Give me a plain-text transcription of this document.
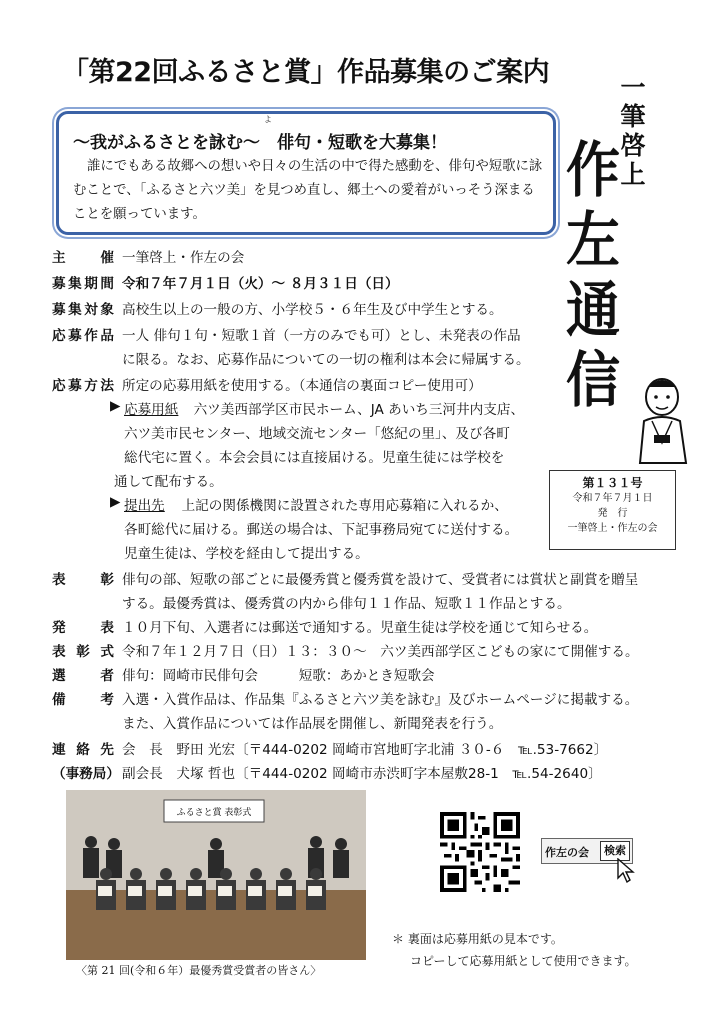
「第22回ふるさと賞」作品募集のご案内
よ
～我がふるさとを詠む～　俳句・短歌を大募集！
誰にでもある故郷への想いや日々の生活の中で得た感動を、俳句や短歌に詠むことで、「ふるさと六ツ美」を見つめ直し、郷土への愛着がいっそう深まることを願っています。
一
筆
啓
上
作
左
通
信
第１３１号
令和７年７月１日
発　行
一筆啓上・作左の会
主催 一筆啓上・作左の会
募集期間 令和７年７月１日（火）～ ８月３１日（日）
募集対象 高校生以上の一般の方、小学校５・６年生及び中学生とする。
応募作品 一人 俳句１句・短歌１首（一方のみでも可）とし、未発表の作品
に限る。なお、応募作品についての一切の権利は本会に帰属する。
応募方法 所定の応募用紙を使用する。（本通信の裏面コピー使用可）
▶ 応募用紙 　六ツ美西部学区市民ホーム、JA あいち三河井内支店、
六ツ美市民センター、地域交流センター「悠紀の里」、及び各町
総代宅に置く。本会会員には直接届ける。児童生徒には学校を
通して配布する。
▶ 提出先 　上記の関係機関に設置された専用応募箱に入れるか、
各町総代に届ける。郵送の場合は、下記事務局宛てに送付する。
児童生徒は、学校を経由して提出する。
表彰 俳句の部、短歌の部ごとに最優秀賞と優秀賞を設けて、受賞者には賞状と副賞を贈呈
する。最優秀賞は、優秀賞の内から俳句１１作品、短歌１１作品とする。
発表 １０月下旬、入選者には郵送で通知する。児童生徒は学校を通じて知らせる。
表彰式 令和７年１２月７日（日）１３：３０～　六ツ美西部学区こどもの家にて開催する。
選者 俳句：岡崎市民俳句会　　　短歌：あかとき短歌会
備考 入選・入賞作品は、作品集『ふるさと六ツ美を詠む』及びホームページに掲載する。
また、入賞作品については作品展を開催し、新聞発表を行う。
連絡先 会　長　野田 光宏〔〒444-0202 岡崎市宮地町字北浦 ３０-６　℡.53-7662〕
（事務局） 副会長　犬塚 哲也〔〒444-0202 岡崎市赤渋町字本屋敷28-1　℡.54-2640〕
ふるさと賞 表彰式
〈第 21 回(令和６年）最優秀賞受賞者の皆さん〉
作左の会	検索
＊ 裏面は応募用紙の見本です。
コピーして応募用紙として使用できます。
